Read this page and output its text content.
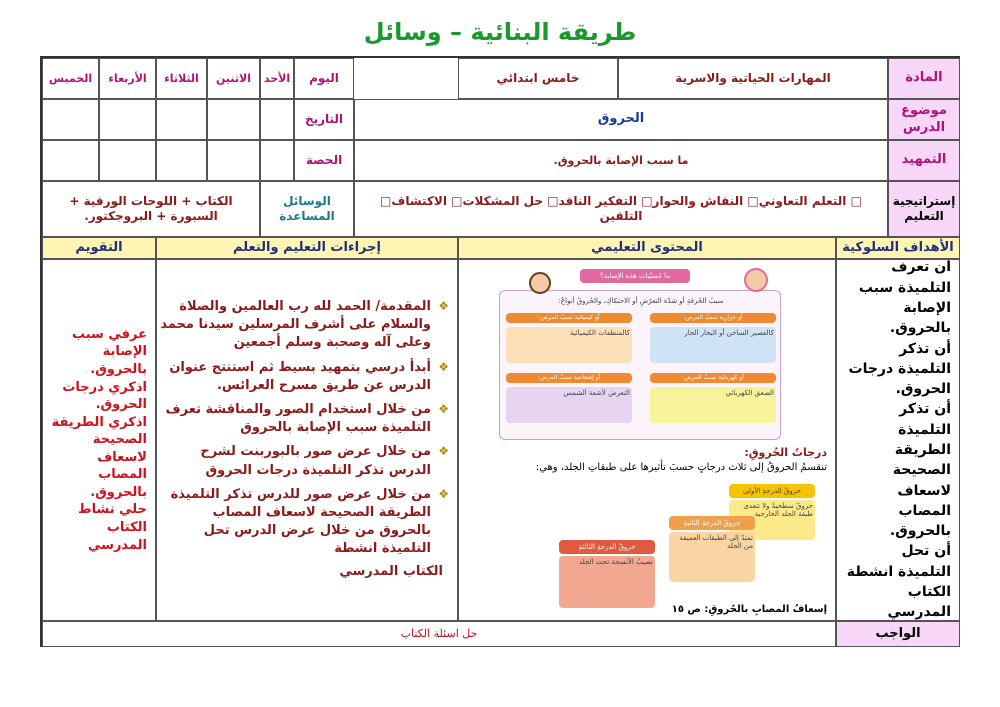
طريقة البنائية – وسائل
المادة
المهارات الحياتية والاسرية
خامس ابتدائي
اليوم
الأحد
الاثنين
الثلاثاء
الأربعاء
الخميس
موضوع الدرس
الحروق
التاريخ
التمهيد
ما سبب الإصابة بالحروق.
الحصة
إستراتيجية التعليم
□ التعلم التعاوني□ النقاش والحوار□ التفكير الناقد□ حل المشكلات□ الاكتشاف□ التلقين
الوسائل المساعدة
الكتاب + اللوحات الورقية + السبورة + البروجكتور.
الأهداف السلوكية
المحتوى التعليمي
إجراءات التعليم والتعلم
التقويم
أن تعرف التلميذة سبب الإصابة بالحروق.
أن تذكر التلميذة درجات الحروق.
أن تذكر التلميذة الطريقة الصحيحة لاسعاف المصاب بالحروق.
أن تحل التلميذة انشطة الكتاب المدرسي
ما مُسبّبات هذه الإصابة؟
سببُ الحُرقةِ أو شدّة التعرّضِ أو الاحتكاكِ، والحُروقُ أنواعٌ:
أو حرارية سببُ المرض:
كالعصير الساخن أو البخار الحار
أو كيميائية سببُ المرض:
كالمنظفات الكيميائية
أو كهربائية سببُ المرض:
الصعق الكهربائي
أو إشعاعية سببُ المرض:
التعرض لأشعة الشمس
درجاتُ الحُروقِ:
تنقسمُ الحروقُ إلى ثلاث درجاتٍ حسبَ تأثيرها على طبقاتِ الجلد، وهي:
حروقُ الدرجةِ الأولى
حروقٌ سطحيةٌ ولا تتعدى طبقة الجلد الخارجية
حروقُ الدرجةِ الثانيةِ
تمتدّ إلى الطبقات العميقة من الجلد
حروقُ الدرجةِ الثالثةِ
تصيبُ الأنسجة تحت الجلد
إسعافُ المصابِ بالحُروقِ: ص ١٥
❖ المقدمة/ الحمد لله رب العالمين والصلاة والسلام على أشرف المرسلين سيدنا محمد وعلى آله وصحبة وسلم أجمعين
❖ أبدأ درسي بتمهيد بسيط ثم استنتج عنوان الدرس عن طريق مسرح العرائس.
❖ من خلال استخدام الصور والمناقشة تعرف التلميذة سبب الإصابة بالحروق
❖ من خلال عرض صور بالبوربنت لشرح الدرس تذكر التلميذة درجات الحروق
❖ من خلال عرض صور للدرس تذكر التلميذة الطريقة الصحيحة لاسعاف المصاب بالحروق من خلال عرض الدرس تحل التلميذة انشطة
الكتاب المدرسي
عرفي سبب الإصابة بالحروق.
اذكري درجات الحروق.
اذكري الطريقة الصحيحة لاسعاف المصاب بالحروق.
حلي نشاط الكتاب المدرسي
الواجب
حل اسئلة الكتاب
